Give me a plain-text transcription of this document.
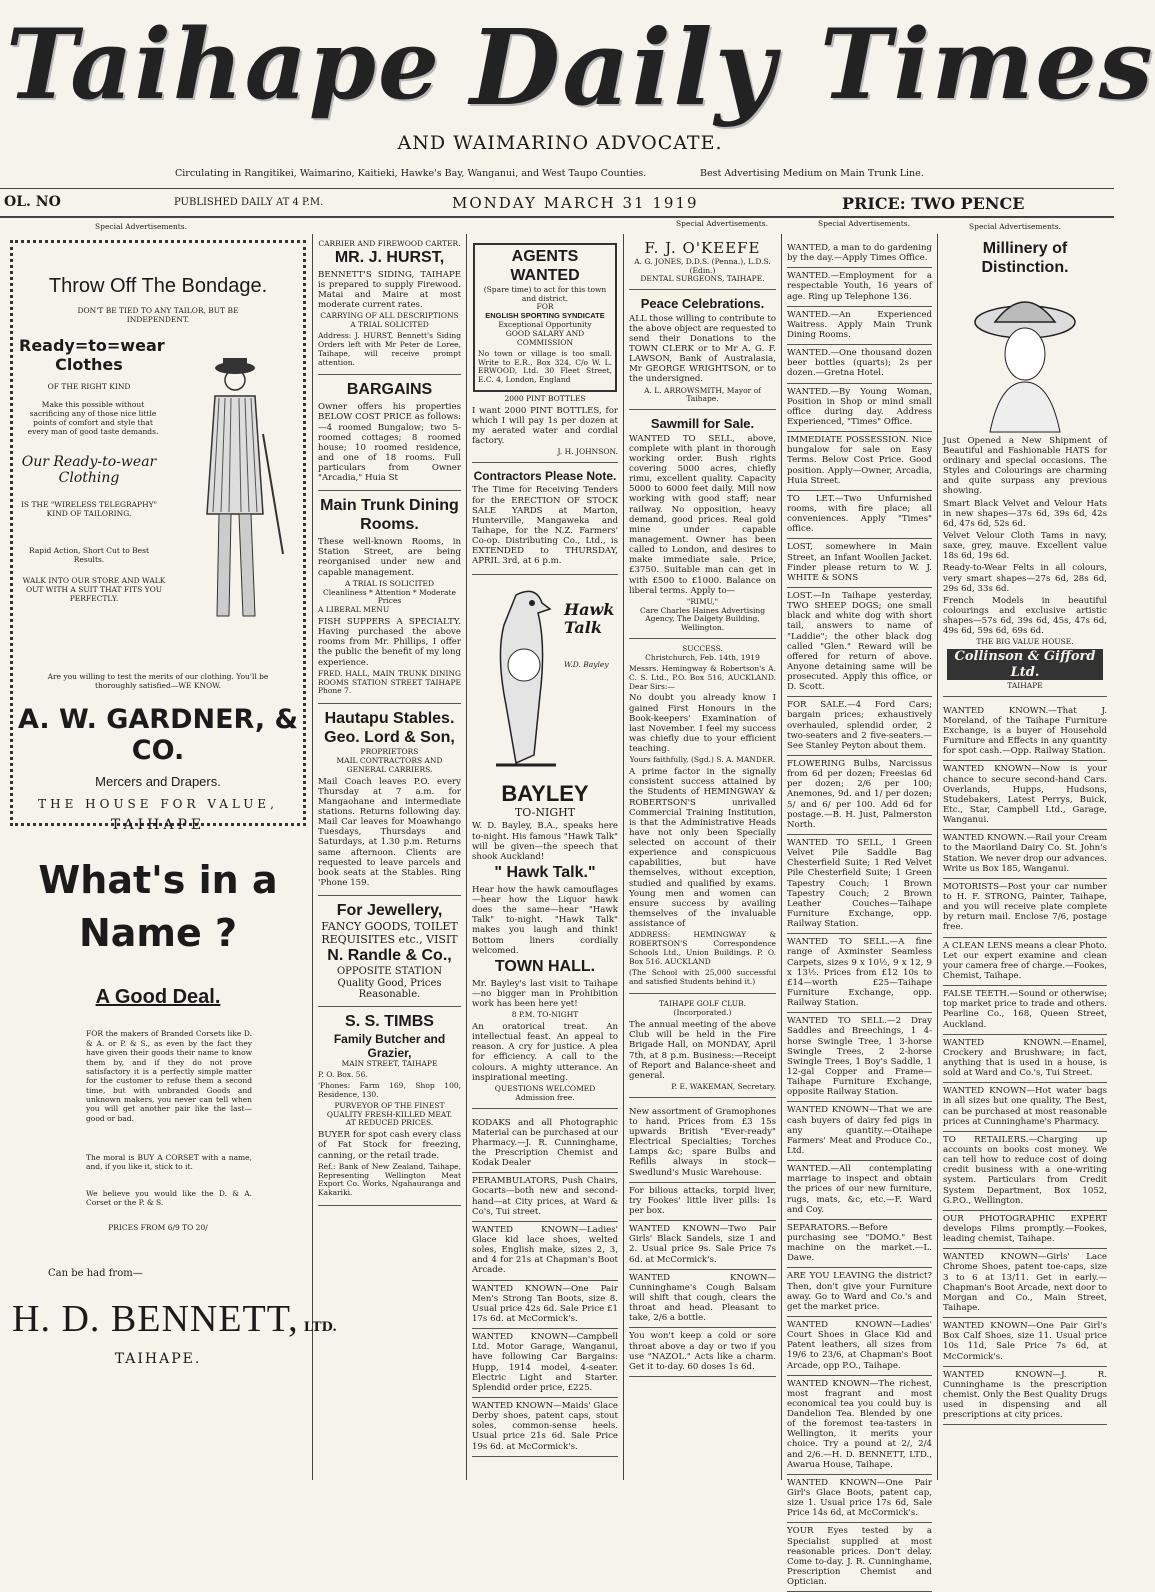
Taihape Daily Times
AND WAIMARINO ADVOCATE.
Circulating in Rangitikei, Waimarino, Kaitieki, Hawke's Bay, Wanganui, and West Taupo Counties.	Best Advertising Medium on Main Trunk Line.
OL. NO	PUBLISHED DAILY AT 4 P.M.	MONDAY MARCH 31 1919	PRICE: TWO PENCE
Special Advertisements.	Special Advertisements.	Special Advertisements.	Special Advertisements.
Throw Off The Bondage.
DON'T BE TIED TO ANY TAILOR, BUT BE INDEPENDENT.
Ready=to=wear Clothes
OF THE RIGHT KIND
Make this possible without sacrificing any of those nice little points of comfort and style that every man of good taste demands.
Our Ready-to-wear Clothing
IS THE "WIRELESS TELEGRAPHY" KIND OF TAILORING.
Rapid Action, Short Cut to Best Results.
WALK INTO OUR STORE AND WALK OUT WITH A SUIT THAT FITS YOU PERFECTLY.
Are you willing to test the merits of our clothing. You'll be thoroughly satisfied—WE KNOW.
A. W. GARDNER, & CO.
Mercers and Drapers.
THE HOUSE FOR VALUE,
TAIHAPE
What's in a Name ?
A Good Deal.

FOR the makers of Branded Corsets like D. & A. or P. & S., as even by the fact they have given their goods their name to know them by, and if they do not prove satisfactory it is a perfectly simple matter for the customer to refuse them a second time, but with unbranded Goods and unknown makers, you never can tell when you will get another pair like the last—good or bad.

The moral is BUY A CORSET with a name, and, if you like it, stick to it.

We believe you would like the D. & A. Corset or the P. & S.

PRICES FROM 6/9 TO 20/
Can be had from—
H. D. BENNETT, LTD.
TAIHAPE.
CARRIER AND FIREWOOD CARTER.
MR. J. HURST,

BENNETT'S SIDING, TAIHAPE is prepared to supply Firewood. Matai and Maire at most moderate current rates.

CARRYING OF ALL DESCRIPTIONS
A TRIAL SOLICITED

Address: J. HURST, Bennett's Siding Orders left with Mr Peter de Loree, Taihape, will receive prompt attention.

BARGAINS

Owner offers his properties BELOW COST PRICE as follows:—4 roomed Bungalow; two 5-roomed cottages; 8 roomed house; 10 roomed residence, and one of 18 rooms. Full particulars from Owner "Arcadia," Huia St

Main Trunk Dining Rooms.

These well-known Rooms, in Station Street, are being reorganised under new and capable management.

A TRIAL IS SOLICITED
Cleanliness * Attention * Moderate Prices
A LIBERAL MENU

FISH SUPPERS A SPECIALTY. Having purchased the above rooms from Mr. Phillips, I offer the public the benefit of my long experience.

FRED. HALL, MAIN TRUNK DINING ROOMS STATION STREET TAIHAPE Phone 7.

Hautapu Stables.
Geo. Lord & Son,
PROPRIETORS
MAIL CONTRACTORS AND GENERAL CARRIERS.

Mail Coach leaves P.O. every Thursday at 7 a.m. for Mangaohane and intermediate stations. Returns following day. Mail Car leaves for Moawhango Tuesdays, Thursdays and Saturdays, at 1.30 p.m. Returns same afternoon. Clients are requested to leave parcels and book seats at the Stables. Ring 'Phone 159.

For Jewellery,
FANCY GOODS, TOILET REQUISITES etc., VISIT
N. Randle & Co.,
OPPOSITE STATION
Quality Good, Prices Reasonable.
S. S. TIMBS
Family Butcher and Grazier,
MAIN STREET, TAIHAPE

P. O. Box. 56.

'Phones: Farm 169, Shop 100, Residence, 130.

PURVEYOR OF THE FINEST QUALITY FRESH-KILLED MEAT.
AT REDUCED PRICES.

BUYER for spot cash every class of Fat Stock for freezing, canning, or the retail trade.

Ref.: Bank of New Zealand, Taihape, Representing Wellington Meat Export Co. Works, Ngahauranga and Kakariki.

AGENTS WANTED
(Spare time) to act for this town and district.
FOR
ENGLISH SPORTING SYNDICATE
Exceptional Opportunity
GOOD SALARY AND COMMISSION

No town or village is too small. Write to E.R., Box 324, C/o W. L. ERWOOD, Ltd. 30 Fleet Street, E.C. 4, London, England

2000 PINT BOTTLES

I want 2000 PINT BOTTLES, for which I will pay 1s per dozen at my aerated water and cordial factory.

J. H. JOHNSON.
Contractors Please Note.

The Time for Receiving Tenders for the ERECTION OF STOCK SALE YARDS at Marton, Hunterville, Mangaweka and Taihape, for the N.Z. Farmers' Co-op. Distributing Co., Ltd., is EXTENDED to THURSDAY, APRIL 3rd, at 6 p.m.

Hawk Talk
W.D. Bayley
BAYLEY
TO-NIGHT

W. D. Bayley, B.A., speaks here to-night. His famous "Hawk Talk" will be given—the speech that shook Auckland!

" Hawk Talk."

Hear how the hawk camouflages—hear how the Liquor hawk does the same—hear "Hawk Talk" to-night. "Hawk Talk" makes you laugh and think! Bottom liners cordially welcomed.

TOWN HALL.

Mr. Bayley's last visit to Taihape—no bigger man in Prohibition work has been here yet!

8 P.M. TO-NIGHT

An oratorical treat. An intellectual feast. An appeal to reason. A cry for justice. A plea for efficiency. A call to the colours. A mighty utterance. An inspirational meeting.

QUESTIONS WELCOMED
Admission free.
KODAKS and all Photographic Material can be purchased at our Pharmacy.—J. R. Cunninghame, the Prescription Chemist and Kodak Dealer
PERAMBULATORS, Push Chairs, Gocarts—both new and second-hand—at City prices, at Ward & Co's, Tui street.
WANTED KNOWN—Ladies' Glace kid lace shoes, welted soles, English make, sizes 2, 3, and 4 for 21s at Chapman's Boot Arcade.
WANTED KNOWN—One Pair Men's Strong Tan Boots, size 8. Usual price 42s 6d. Sale Price £1 17s 6d. at McCormick's.
WANTED KNOWN—Campbell Ltd. Motor Garage, Wanganui, have following Car Bargains: Hupp, 1914 model, 4-seater. Electric Light and Starter. Splendid order price, £225.
WANTED KNOWN—Maids' Glace Derby shoes, patent caps, stout soles, common-sense heels. Usual price 21s 6d. Sale Price 19s 6d. at McCormick's.
F. J. O'KEEFE
A. G. JONES, D.D.S. (Penna.), L.D.S. (Edin.)
DENTAL SURGEONS, TAIHAPE.
Peace Celebrations.

ALL those willing to contribute to the above object are requested to send their Donations to the TOWN CLERK or to Mr A. G. F. LAWSON, Bank of Australasia, Mr GEORGE WRIGHTSON, or to the undersigned.

A. L. ARROWSMITH, Mayor of Taihape.
Sawmill for Sale.

WANTED TO SELL, above, complete with plant in thorough working order. Bush rights covering 5000 acres, chiefly rimu, excellent quality. Capacity 5000 to 6000 feet daily. Mill now working with good staff; near railway. No opposition, heavy demand, good prices. Real gold mine under capable management. Owner has been called to London, and desires to make immediate sale. Price, £3750. Suitable man can get in with £500 to £1000. Balance on liberal terms. Apply to—

"RIMU,"
Care Charles Haines Advertising Agency, The Dalgety Building, Wellington.
SUCCESS.
Christchurch, Feb. 14th, 1919

Messrs. Hemingway & Robertson's A. C. S. Ltd., P.O. Box 516, AUCKLAND. Dear Sirs:—

No doubt you already know I gained First Honours in the Book-keepers' Examination of last November. I feel my success was chiefly due to your efficient teaching.

Yours faithfully, (Sgd.) S. A. MANDER.

A prime factor in the signally consistent success attained by the Students of HEMINGWAY & ROBERTSON'S unrivalled Commercial Training Institution, is that the Administrative Heads have not only been Specially selected on account of their experience and conspicuous capabilities, but have themselves, without exception, studied and qualified by exams. Young men and women can ensure success by availing themselves of the invaluable assistance of

ADDRESS: HEMINGWAY & ROBERTSON'S Correspondence Schools Ltd., Union Buildings. P. O. Box 516. AUCKLAND

(The School with 25,000 successful and satisfied Students behind it.)

TAIHAPE GOLF CLUB.
(Incorporated.)

The annual meeting of the above Club will be held in the Fire Brigade Hall, on MONDAY, April 7th, at 8 p.m. Business:—Receipt of Report and Balance-sheet and general.

P. E. WAKEMAN, Secretary.
New assortment of Gramophones to hand. Prices from £3 15s upwards British "Ever-ready" Electrical Specialties; Torches Lamps &c; spare Bulbs and Refills always in stock—Swedlund's Music Warehouse.
For bilious attacks, torpid liver, try Fookes' little liver pills: 1s per box.
WANTED KNOWN—Two Pair Girls' Black Sandels, size 1 and 2. Usual price 9s. Sale Price 7s 6d. at McCormick's.
WANTED KNOWN—Cunninghame's Cough Balsam will shift that cough, clears the throat and head. Pleasant to take, 2/6 a bottle.
You won't keep a cold or sore throat above a day or two if you use "NAZOL." Acts like a charm. Get it to-day. 60 doses 1s 6d.
WANTED, a man to do gardening by the day.—Apply Times Office.
WANTED.—Employment for a respectable Youth, 16 years of age. Ring up Telephone 136.
WANTED.—An Experienced Waitress. Apply Main Trunk Dining Rooms.
WANTED.—One thousand dozen beer bottles (quarts); 2s per dozen.—Gretna Hotel.
WANTED.—By Young Woman, Position in Shop or mind small office during day. Address Experienced, "Times" Office.
IMMEDIATE POSSESSION. Nice bungalow for sale on Easy Terms. Below Cost Price. Good position. Apply—Owner, Arcadia, Huia Street.
TO LET.—Two Unfurnished rooms, with fire place; all conveniences. Apply "Times" office.
LOST, somewhere in Main Street, an Infant Woollen Jacket. Finder please return to W. J. WHITE & SONS
LOST.—In Taihape yesterday, TWO SHEEP DOGS; one small black and white dog with short tail, answers to name of "Laddie"; the other black dog called "Glen." Reward will be offered for return of above. Anyone detaining same will be prosecuted. Apply this office, or D. Scott.
FOR SALE.—4 Ford Cars; bargain prices; exhaustively overhauled, splendid order, 2 two-seaters and 2 five-seaters.—See Stanley Peyton about them.
FLOWERING Bulbs, Narcissus from 6d per dozen; Freesias 6d per dozen; 2/6 per 100; Anemones, 9d. and 1/ per dozen; 5/ and 6/ per 100. Add 6d for postage.—B. H. Just, Palmerston North.
WANTED TO SELL, 1 Green Velvet Pile Saddle Bag Chesterfield Suite; 1 Red Velvet Pile Chesterfield Suite; 1 Green Tapestry Couch; 1 Brown Tapestry Couch; 2 Brown Leather Couches—Taihape Furniture Exchange, opp. Railway Station.
WANTED TO SELL.—A fine range of Axminster Seamless Carpets, sizes 9 x 10½, 9 x 12, 9 x 13½. Prices from £12 10s to £14—worth £25—Taihape Furniture Exchange, opp. Railway Station.
WANTED TO SELL.—2 Dray Saddles and Breechings, 1 4-horse Swingle Tree, 1 3-horse Swingle Trees, 2 2-horse Swingle Trees, 1 Boy's Saddle, 1 12-gal Copper and Frame—Taihape Furniture Exchange, opposite Railway Station.
WANTED KNOWN—That we are cash buyers of dairy fed pigs in any quantity.—Otaihape Farmers' Meat and Produce Co., Ltd.
WANTED.—All contemplating marriage to inspect and obtain the prices of our new furniture, rugs, mats, &c, etc.—F. Ward and Coy.
SEPARATORS.—Before purchasing see "DOMO." Best machine on the market.—L. Dawe.
ARE YOU LEAVING the district? Then, don't give your Furniture away. Go to Ward and Co.'s and get the market price.
WANTED KNOWN—Ladies' Court Shoes in Glace Kid and Patent leathers, all sizes from 19/6 to 23/6, at Chapman's Boot Arcade, opp P.O., Taihape.
WANTED KNOWN—The richest, most fragrant and most economical tea you could buy is Dandelion Tea. Blended by one of the foremost tea-tasters in Wellington, it merits your choice. Try a pound at 2/, 2/4 and 2/6.—H. D. BENNETT, LTD., Awarua House, Taihape.
WANTED KNOWN—One Pair Girl's Glace Boots, patent cap, size 1. Usual price 17s 6d, Sale Price 14s 6d, at McCormick's.
YOUR Eyes tested by a Specialist supplied at most reasonable prices. Don't delay. Come to-day. J. R. Cunninghame, Prescription Chemist and Optician.
Millinery of Distinction.

Just Opened a New Shipment of Beautiful and Fashionable HATS for ordinary and special occasions. The Styles and Colourings are charming and quite surpass any previous showing.

Smart Black Velvet and Velour Hats in new shapes—37s 6d, 39s 6d, 42s 6d, 47s 6d, 52s 6d.

Velvet Velour Cloth Tams in navy, saxe, grey, mauve. Excellent value 18s 6d, 19s 6d.

Ready-to-Wear Felts in all colours, very smart shapes—27s 6d, 28s 6d, 29s 6d, 33s 6d.

French Models in beautiful colourings and exclusive artistic shapes—57s 6d, 39s 6d, 45s, 47s 6d, 49s 6d, 59s 6d, 69s 6d.

THE BIG VALUE HOUSE.
Collinson & Gifford Ltd.
TAIHAPE
WANTED KNOWN.—That J. Moreland, of the Taihape Furniture Exchange, is a buyer of Household Furniture and Effects in any quantity for spot cash.—Opp. Railway Station.
WANTED KNOWN—Now is your chance to secure second-hand Cars. Overlands, Hupps, Hudsons, Studebakers, Latest Perrys, Buick, Etc., Star, Campbell Ltd., Garage, Wanganui.
WANTED KNOWN.—Rail your Cream to the Maoriland Dairy Co. St. John's Station. We never drop our advances. Write us Box 185, Wanganui.
MOTORISTS—Post your car number to H. F. STRONG, Painter, Taihape, and you will receive plate complete by return mail. Enclose 7/6, postage free.
A CLEAN LENS means a clear Photo. Let our expert examine and clean your camera free of charge.—Fookes, Chemist, Taihape.
FALSE TEETH.—Sound or otherwise; top market price to trade and others. Pearline Co., 168, Queen Street, Auckland.
WANTED KNOWN.—Enamel, Crockery and Brushware; in fact, anything that is used in a house, is sold at Ward and Co.'s, Tui Street.
WANTED KNOWN—Hot water bags in all sizes but one quality, The Best, can be purchased at most reasonable prices at Cunninghame's Pharmacy.
TO RETAILERS.—Charging up accounts on books cost money. We can tell how to reduce cost of doing credit business with a one-writing system. Particulars from Credit System Department, Box 1052, G.P.O., Wellington.
OUR PHOTOGRAPHIC EXPERT develops Films promptly.—Fookes, leading chemist, Taihape.
WANTED KNOWN—Girls' Lace Chrome Shoes, patent toe-caps, size 3 to 6 at 13/11. Get in early.—Chapman's Boot Arcade, next door to Morgan and Co., Main Street, Taihape.
WANTED KNOWN—One Pair Girl's Box Calf Shoes, size 11. Usual price 10s 11d, Sale Price 7s 6d, at McCormick's.
WANTED KNOWN—J. R. Cunninghame is the prescription chemist. Only the Best Quality Drugs used in dispensing and all prescriptions at city prices.
